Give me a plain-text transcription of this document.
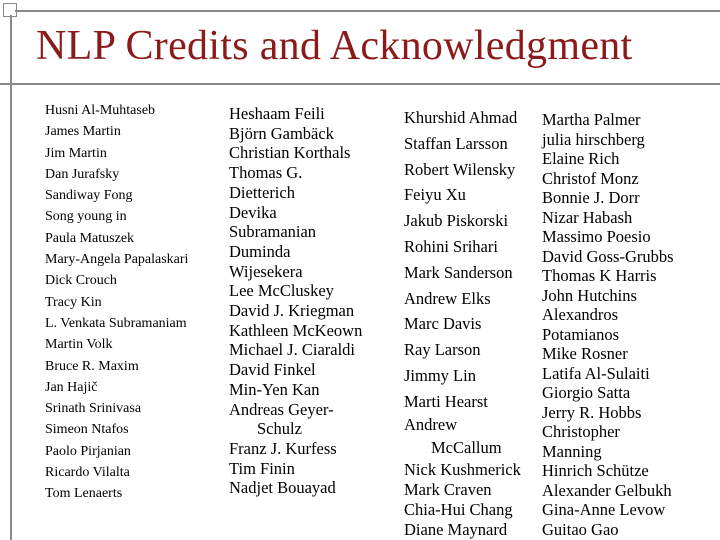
NLP Credits and Acknowledgment
Husni Al-Muhtaseb
James Martin
Jim Martin
Dan Jurafsky
Sandiway Fong
Song young in
Paula Matuszek
Mary-Angela Papalaskari
Dick Crouch
Tracy Kin
L. Venkata Subramaniam
Martin Volk
Bruce R. Maxim
Jan Hajič
Srinath Srinivasa
Simeon Ntafos
Paolo Pirjanian
Ricardo Vilalta
Tom Lenaerts
Heshaam Feili
Björn Gambäck
Christian Korthals
Thomas G.
Dietterich
Devika
Subramanian
Duminda
Wijesekera
Lee McCluskey
David J. Kriegman
Kathleen McKeown
Michael J. Ciaraldi
David Finkel
Min-Yen Kan
Andreas Geyer-
Schulz
Franz J. Kurfess
Tim Finin
Nadjet Bouayad
Khurshid Ahmad
Staffan Larsson
Robert Wilensky
Feiyu Xu
Jakub Piskorski
Rohini Srihari
Mark Sanderson
Andrew Elks
Marc Davis
Ray Larson
Jimmy Lin
Marti Hearst
Andrew
McCallum
Nick Kushmerick
Mark Craven
Chia-Hui Chang
Diane Maynard
Martha Palmer
julia hirschberg
Elaine Rich
Christof Monz
Bonnie J. Dorr
Nizar Habash
Massimo Poesio
David Goss-Grubbs
Thomas K Harris
John Hutchins
Alexandros
Potamianos
Mike Rosner
Latifa Al-Sulaiti
Giorgio Satta
Jerry R. Hobbs
Christopher
Manning
Hinrich Schütze
Alexander Gelbukh
Gina-Anne Levow
Guitao Gao
